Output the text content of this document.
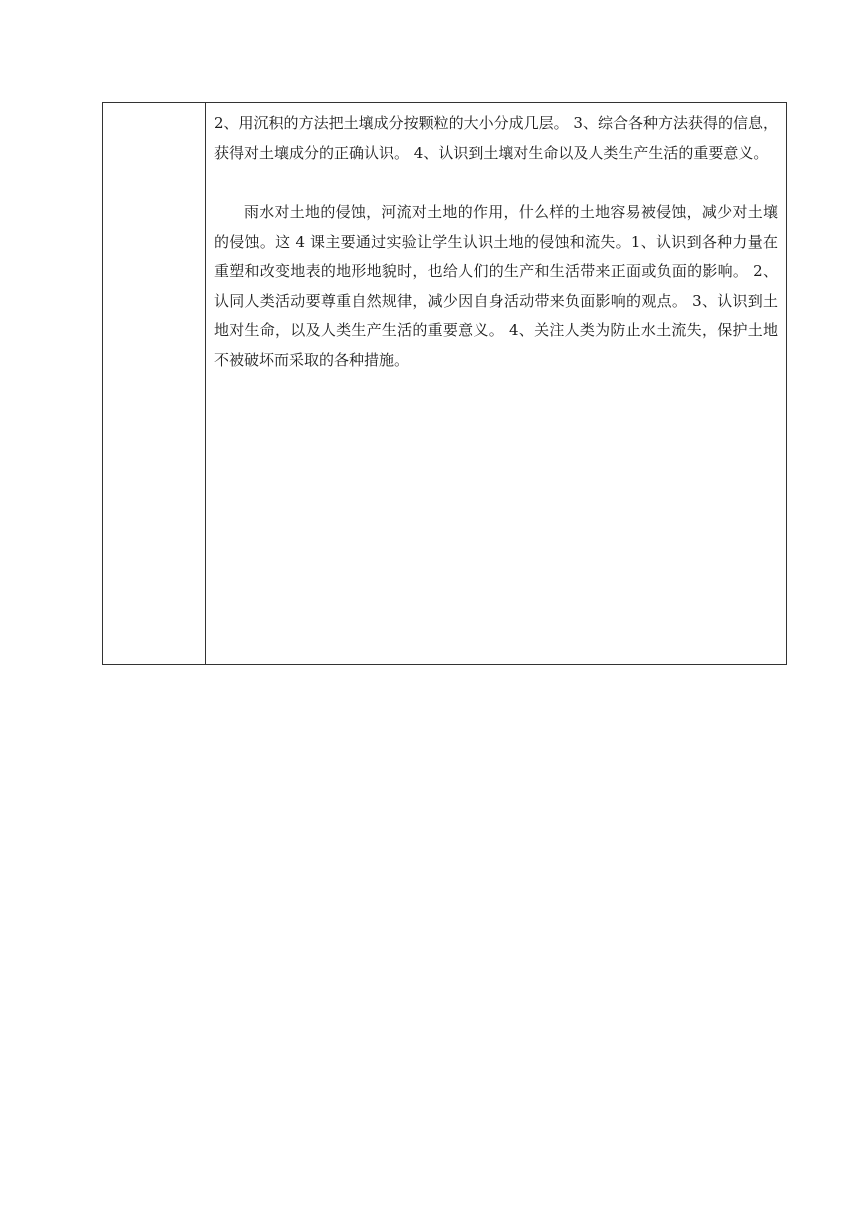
2、用沉积的方法把土壤成分按颗粒的大小分成几层。 3、综合各种方法获得的信息，获得对土壤成分的正确认识。 4、认识到土壤对生命以及人类生产生活的重要意义。

雨水对土地的侵蚀，河流对土地的作用，什么样的土地容易被侵蚀，减少对土壤的侵蚀。这 4 课主要通过实验让学生认识土地的侵蚀和流失。1、认识到各种力量在重塑和改变地表的地形地貌时，也给人们的生产和生活带来正面或负面的影响。 2、认同人类活动要尊重自然规律，减少因自身活动带来负面影响的观点。 3、认识到土地对生命，以及人类生产生活的重要意义。 4、关注人类为防止水土流失，保护土地不被破坏而采取的各种措施。
